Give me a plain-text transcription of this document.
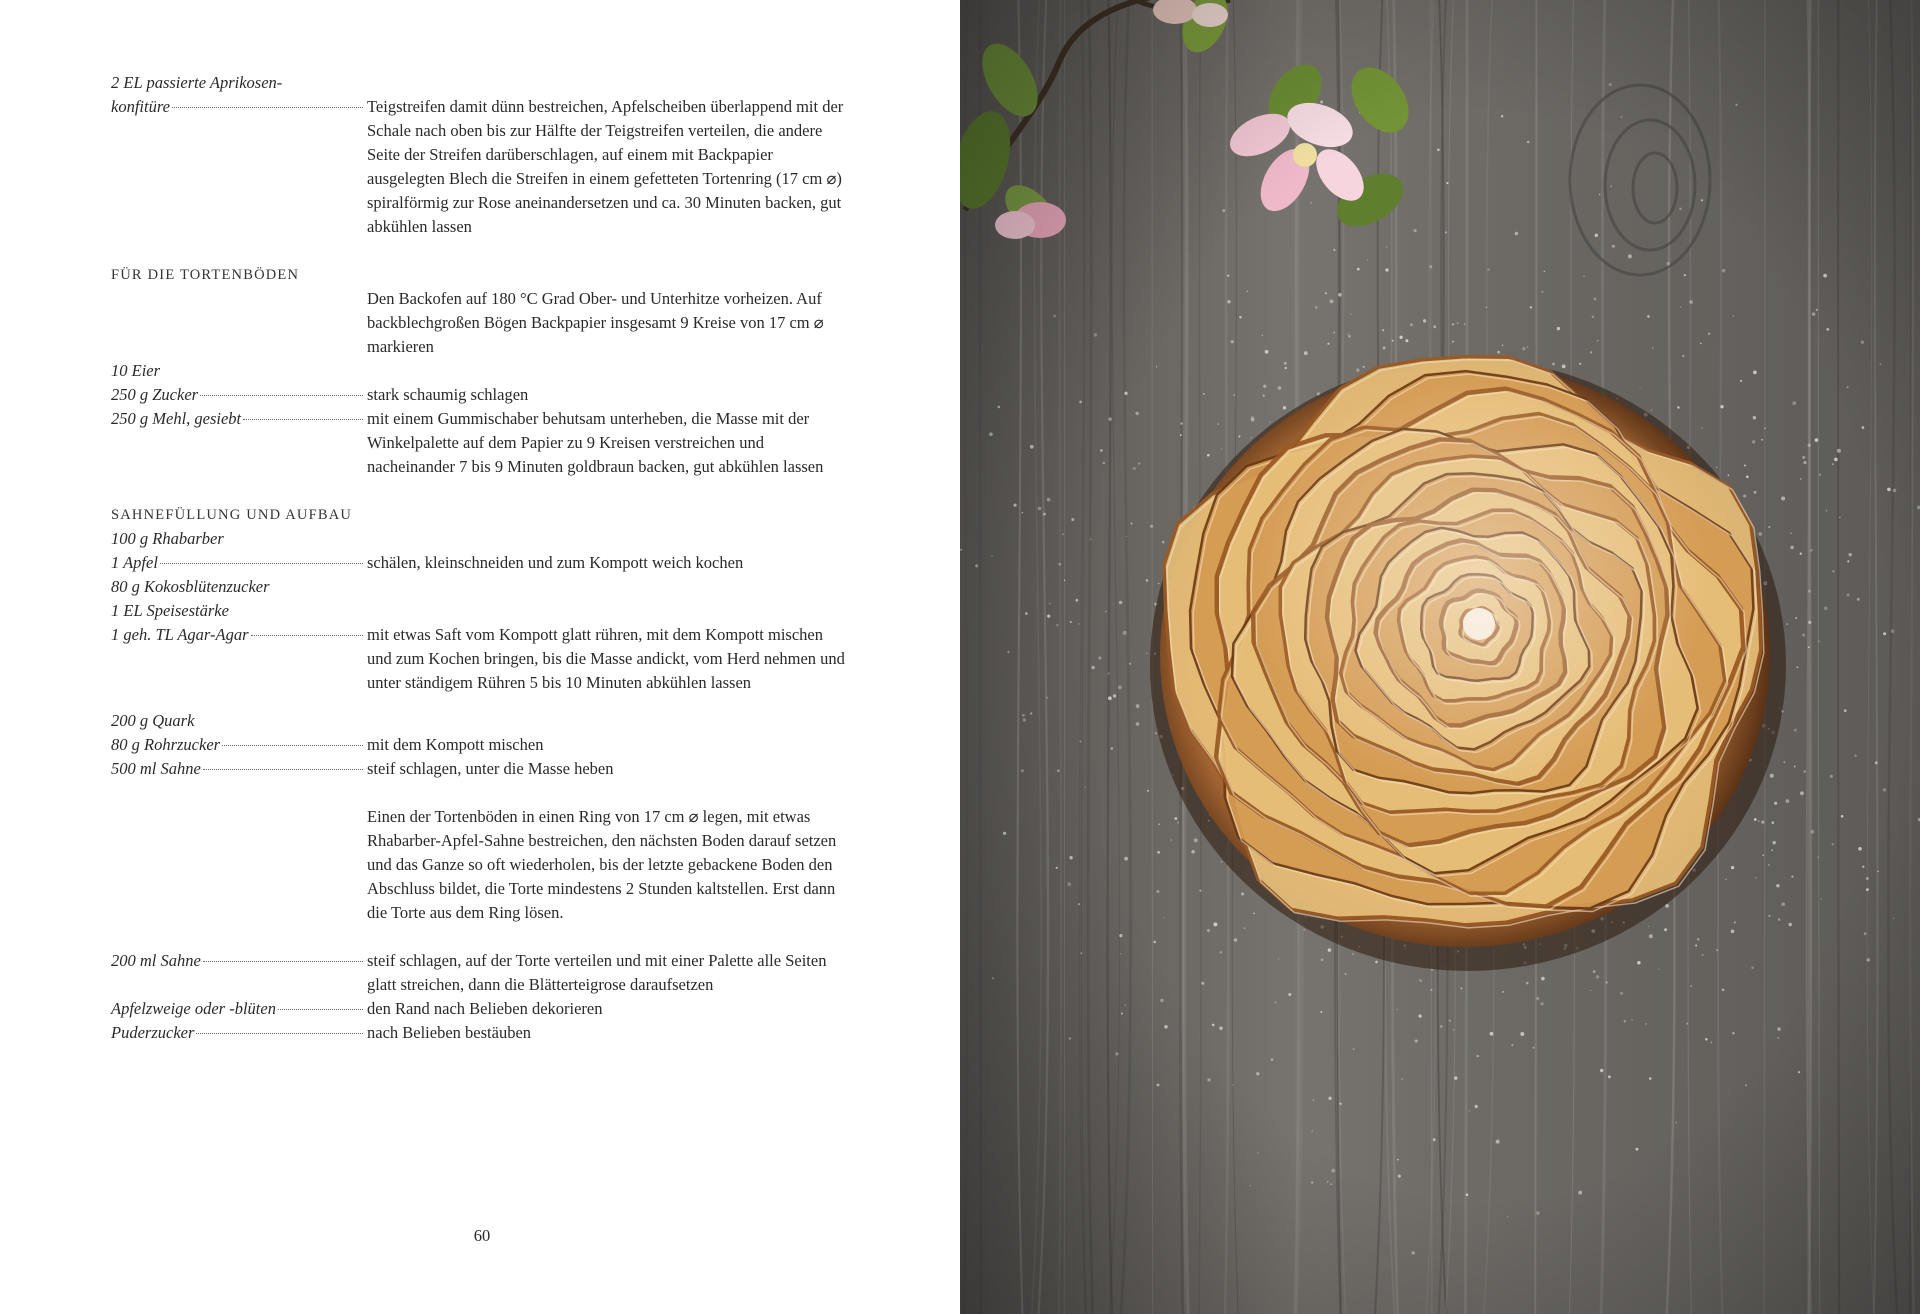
2 EL passierte Aprikosen-
konfitüre	Teigstreifen damit dünn bestreichen, Apfelscheiben überlappend mit der Schale nach oben bis zur Hälfte der Teigstreifen verteilen, die andere Seite der Streifen darüberschlagen, auf einem mit Backpapier ausgelegten Blech die Streifen in einem gefetteten Tortenring (17 cm ⌀) spiralförmig zur Rose aneinandersetzen und ca. 30 Minuten backen, gut abkühlen lassen
FÜR DIE TORTENBÖDEN
Den Backofen auf 180 °C Grad Ober- und Unterhitze vorheizen. Auf backblechgroßen Bögen Backpapier insgesamt 9 Kreise von 17 cm ⌀ markieren
10 Eier
250 g Zucker	stark schaumig schlagen
250 g Mehl, gesiebt	mit einem Gummischaber behutsam unterheben, die Masse mit der Winkelpalette auf dem Papier zu 9 Kreisen verstreichen und nacheinander 7 bis 9 Minuten goldbraun backen, gut abkühlen lassen
SAHNEFÜLLUNG UND AUFBAU
100 g Rhabarber
1 Apfel	schälen, kleinschneiden und zum Kompott weich kochen
80 g Kokosblütenzucker
1 EL Speisestärke
1 geh. TL Agar-Agar	mit etwas Saft vom Kompott glatt rühren, mit dem Kompott mischen und zum Kochen bringen, bis die Masse andickt, vom Herd nehmen und unter ständigem Rühren 5 bis 10 Minuten abkühlen lassen
200 g Quark
80 g Rohrzucker	mit dem Kompott mischen
500 ml Sahne	steif schlagen, unter die Masse heben
Einen der Tortenböden in einen Ring von 17 cm ⌀ legen, mit etwas Rhabarber-Apfel-Sahne bestreichen, den nächsten Boden darauf setzen und das Ganze so oft wiederholen, bis der letzte gebackene Boden den Abschluss bildet, die Torte mindestens 2 Stunden kaltstellen. Erst dann die Torte aus dem Ring lösen.
200 ml Sahne	steif schlagen, auf der Torte verteilen und mit einer Palette alle Seiten glatt streichen, dann die Blätterteigrose daraufsetzen
Apfelzweige oder -blüten	den Rand nach Belieben dekorieren
Puderzucker	nach Belieben bestäuben
60
